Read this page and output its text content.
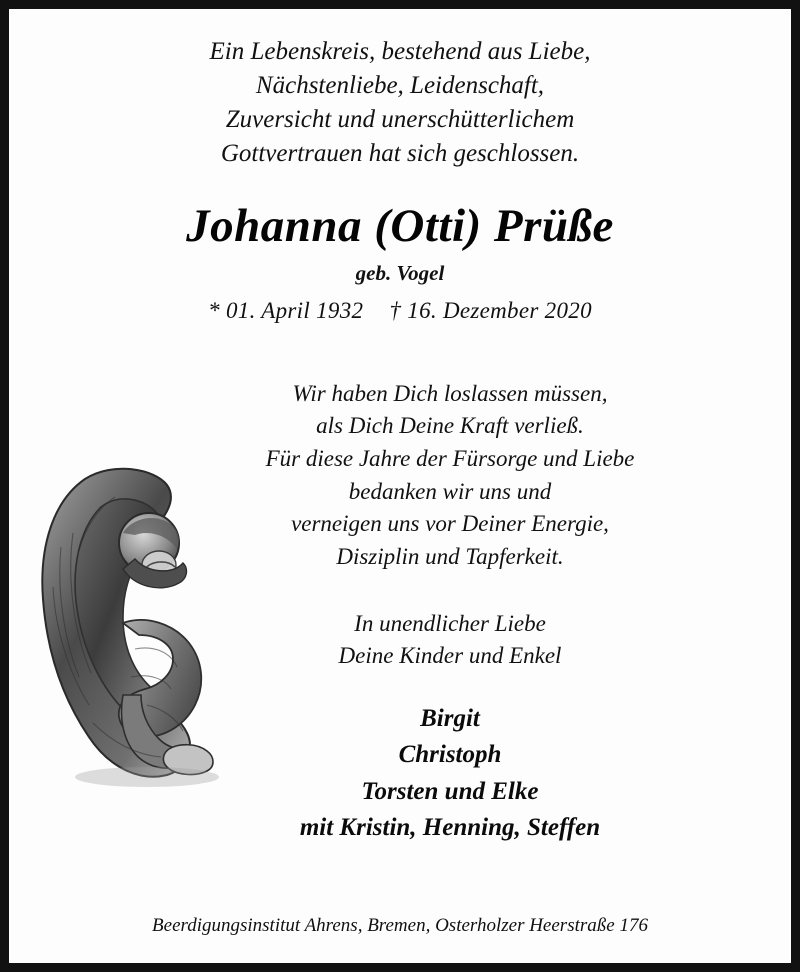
Ein Lebenskreis, bestehend aus Liebe,
Nächstenliebe, Leidenschaft,
Zuversicht und unerschütterlichem
Gottvertrauen hat sich geschlossen.
Johanna (Otti) Prüße
geb. Vogel
* 01. April 1932 † 16. Dezember 2020
Wir haben Dich loslassen müssen,
als Dich Deine Kraft verließ.
Für diese Jahre der Fürsorge und Liebe
bedanken wir uns und
verneigen uns vor Deiner Energie,
Disziplin und Tapferkeit.
In unendlicher Liebe
Deine Kinder und Enkel
Birgit
Christoph
Torsten und Elke
mit Kristin, Henning, Steffen
Beerdigungsinstitut Ahrens, Bremen, Osterholzer Heerstraße 176
